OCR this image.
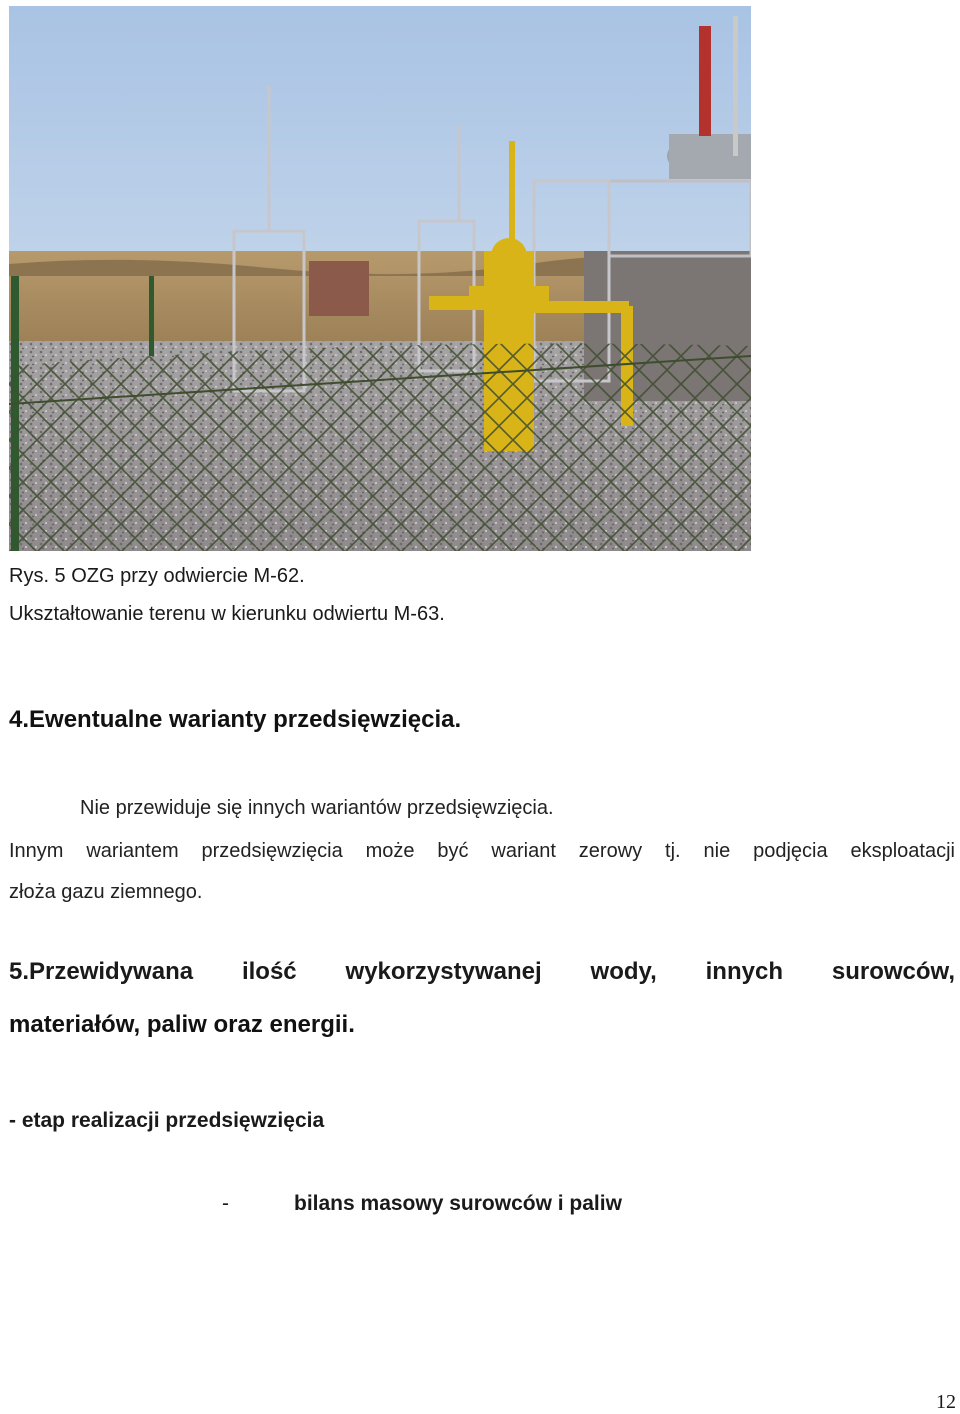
Rys. 5 OZG przy odwiercie M-62.
Ukształtowanie terenu w kierunku odwiertu M-63.
4.Ewentualne warianty przedsięwzięcia.
Nie przewiduje się innych wariantów przedsięwzięcia.
Innym wariantem przedsięwzięcia może być wariant zerowy tj. nie podjęcia eksploatacji
złoża gazu ziemnego.
5.Przewidywana ilość wykorzystywanej wody, innych surowców,
materiałów, paliw oraz energii.
- etap realizacji przedsięwzięcia
-	bilans masowy surowców i paliw
12
